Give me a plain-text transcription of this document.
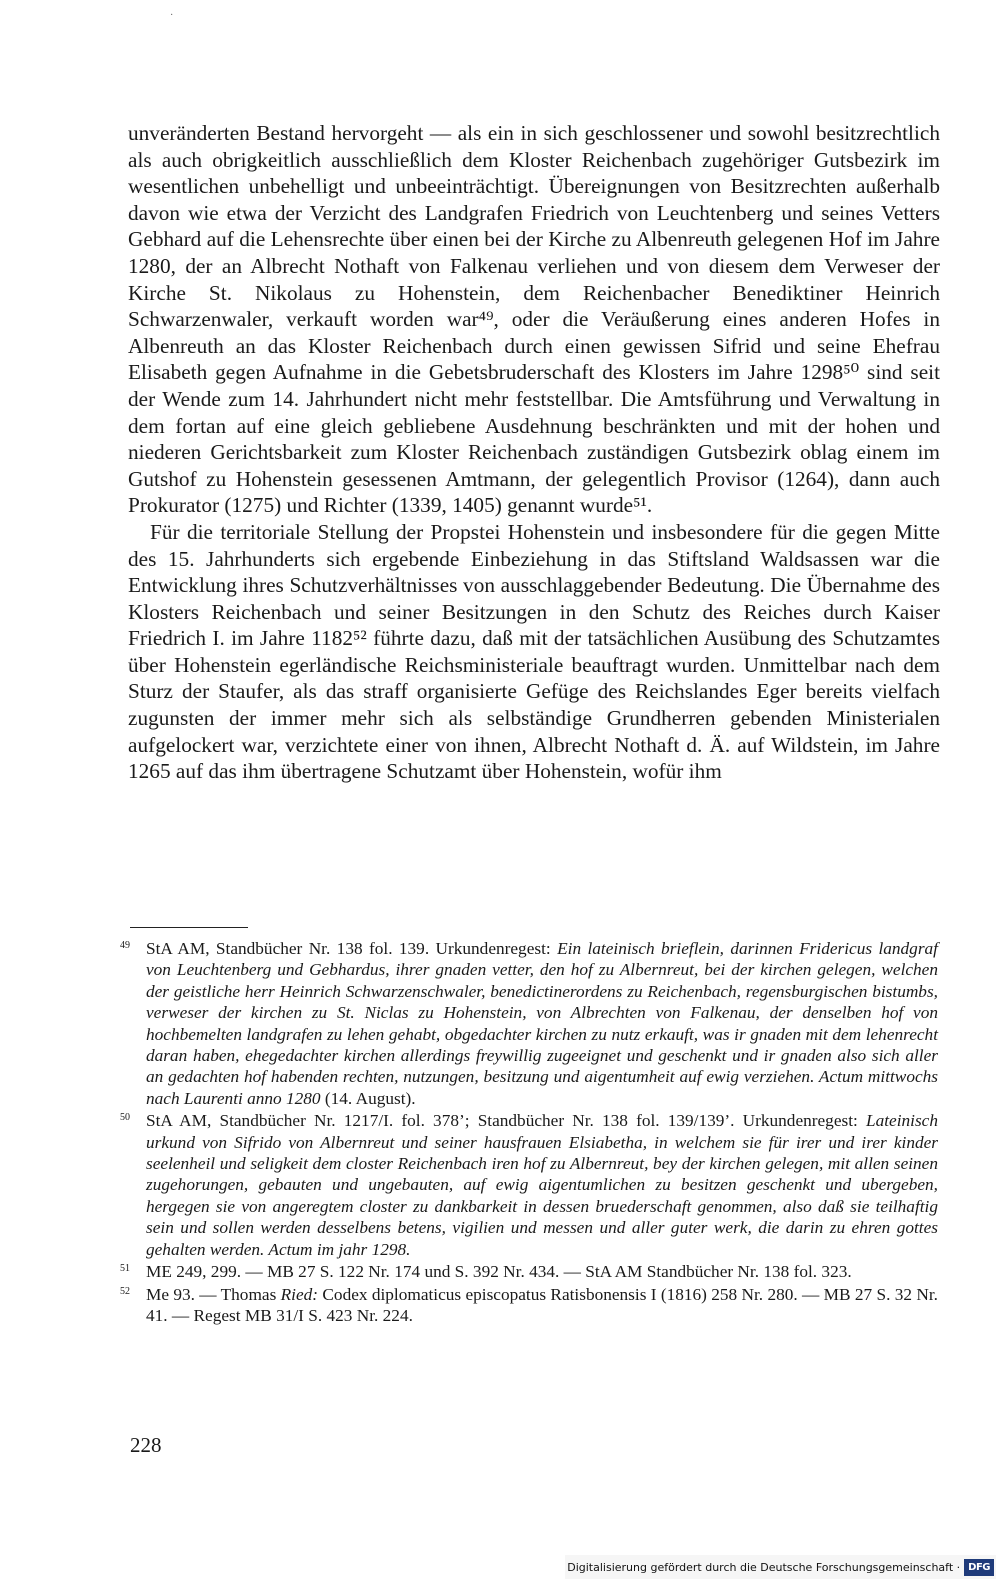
·

unveränderten Bestand hervorgeht — als ein in sich geschlossener und sowohl besitzrechtlich als auch obrigkeitlich ausschließlich dem Kloster Reichenbach zugehöriger Gutsbezirk im wesentlichen unbehelligt und unbeeinträchtigt. Übereignungen von Besitzrechten außerhalb davon wie etwa der Verzicht des Landgrafen Friedrich von Leuchtenberg und seines Vetters Gebhard auf die Lehensrechte über einen bei der Kirche zu Albenreuth gelegenen Hof im Jahre 1280, der an Albrecht Nothaft von Falkenau verliehen und von diesem dem Verweser der Kirche St. Nikolaus zu Hohenstein, dem Reichenbacher Benediktiner Heinrich Schwarzenwaler, verkauft worden war⁴⁹, oder die Veräußerung eines anderen Hofes in Albenreuth an das Kloster Reichenbach durch einen gewissen Sifrid und seine Ehefrau Elisabeth gegen Aufnahme in die Gebetsbruderschaft des Klosters im Jahre 1298⁵⁰ sind seit der Wende zum 14. Jahrhundert nicht mehr feststellbar. Die Amtsführung und Verwaltung in dem fortan auf eine gleich gebliebene Ausdehnung beschränkten und mit der hohen und niederen Gerichtsbarkeit zum Kloster Reichenbach zuständigen Gutsbezirk oblag einem im Gutshof zu Hohenstein gesessenen Amtmann, der gelegentlich Provisor (1264), dann auch Prokurator (1275) und Richter (1339, 1405) genannt wurde⁵¹.

Für die territoriale Stellung der Propstei Hohenstein und insbesondere für die gegen Mitte des 15. Jahrhunderts sich ergebende Einbeziehung in das Stiftsland Waldsassen war die Entwicklung ihres Schutzverhältnisses von ausschlaggebender Bedeutung. Die Übernahme des Klosters Reichenbach und seiner Besitzungen in den Schutz des Reiches durch Kaiser Friedrich I. im Jahre 1182⁵² führte dazu, daß mit der tatsächlichen Ausübung des Schutzamtes über Hohenstein egerländische Reichsministeriale beauftragt wurden. Unmittelbar nach dem Sturz der Staufer, als das straff organisierte Gefüge des Reichslandes Eger bereits vielfach zugunsten der immer mehr sich als selbständige Grundherren gebenden Ministerialen aufgelockert war, verzichtete einer von ihnen, Albrecht Nothaft d. Ä. auf Wildstein, im Jahre 1265 auf das ihm übertragene Schutzamt über Hohenstein, wofür ihm

49 StA AM, Standbücher Nr. 138 fol. 139. Urkundenregest: Ein lateinisch brieflein, darinnen Fridericus landgraf von Leuchtenberg und Gebhardus, ihrer gnaden vetter, den hof zu Albernreut, bei der kirchen gelegen, welchen der geistliche herr Heinrich Schwarzenschwaler, benedictinerordens zu Reichenbach, regensburgischen bistumbs, verweser der kirchen zu St. Niclas zu Hohenstein, von Albrechten von Falkenau, der denselben hof von hochbemelten landgrafen zu lehen gehabt, obgedachter kirchen zu nutz erkauft, was ir gnaden mit dem lehenrecht daran haben, ehegedachter kirchen allerdings freywillig zugeeignet und geschenkt und ir gnaden also sich aller an gedachten hof habenden rechten, nutzungen, besitzung und aigentumheit auf ewig verziehen. Actum mittwochs nach Laurenti anno 1280 (14. August).
50 StA AM, Standbücher Nr. 1217/I. fol. 378’; Standbücher Nr. 138 fol. 139/139’. Urkundenregest: Lateinisch urkund von Sifrido von Albernreut und seiner hausfrauen Elsiabetha, in welchem sie für irer und irer kinder seelenheil und seligkeit dem closter Reichenbach iren hof zu Albernreut, bey der kirchen gelegen, mit allen seinen zugehorungen, gebauten und ungebauten, auf ewig aigentumlichen zu besitzen geschenkt und ubergeben, hergegen sie von angeregtem closter zu dankbarkeit in dessen bruederschaft genommen, also daß sie teilhaftig sein und sollen werden desselbens betens, vigilien und messen und aller guter werk, die darin zu ehren gottes gehalten werden. Actum im jahr 1298.
51 ME 249, 299. — MB 27 S. 122 Nr. 174 und S. 392 Nr. 434. — StA AM Standbücher Nr. 138 fol. 323.
52 Me 93. — Thomas Ried: Codex diplomaticus episcopatus Ratisbonensis I (1816) 258 Nr. 280. — MB 27 S. 32 Nr. 41. — Regest MB 31/I S. 423 Nr. 224.
228
Digitalisierung gefördert durch die Deutsche Forschungsgemeinschaft · DFG
